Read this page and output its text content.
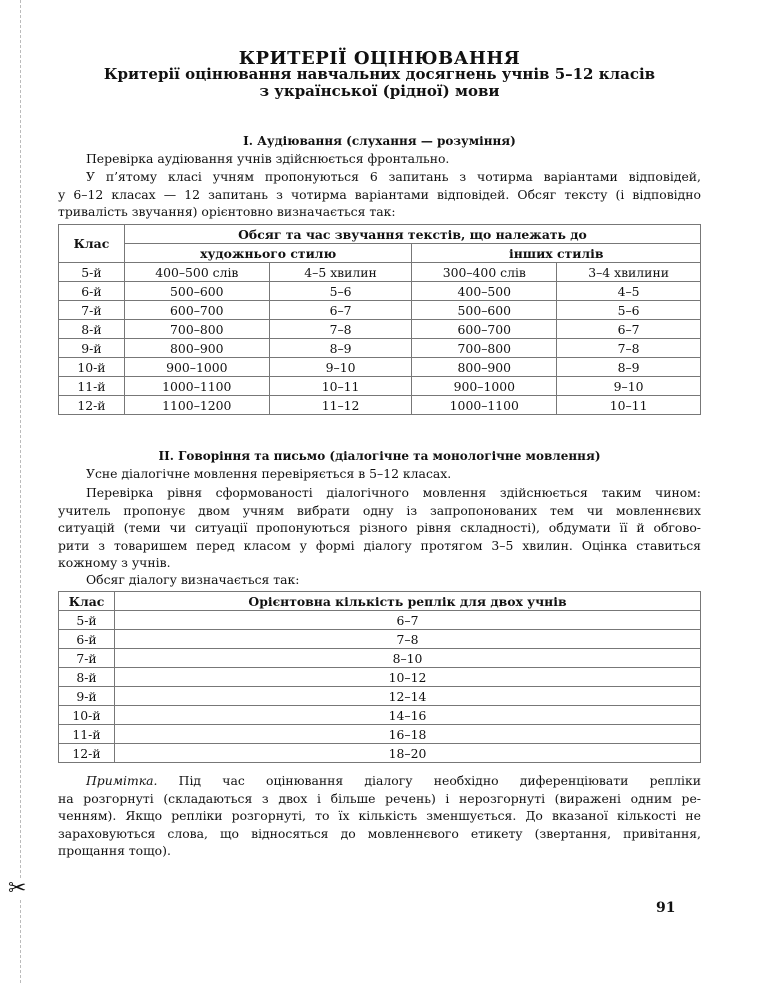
✂
КРИТЕРІЇ ОЦІНЮВАННЯ
Критерії оцінювання навчальних досягнень учнів 5–12 класів
з української (рідної) мови
І. Аудіювання (слухання — розуміння)

Перевірка аудіювання учнів здійснюється фронтально.

У п’ятому класі учням пропонуються 6 запитань з чотирма варіантами відповідей,
у 6–12 класах — 12 запитань з чотирма варіантами відповідей. Обсяг тексту (і відповідно
тривалість звучання) орієнтовно визначається так:

Клас	Обсяг та час звучання текстів, що належать до			
	художнього стилю		інших стилів	
5-й	400–500 слів	4–5 хвилин	300–400 слів	3–4 хвилини
6-й	500–600	5–6	400–500	4–5
7-й	600–700	6–7	500–600	5–6
8-й	700–800	7–8	600–700	6–7
9-й	800–900	8–9	700–800	7–8
10-й	900–1000	9–10	800–900	8–9
11-й	1000–1100	10–11	900–1000	9–10
12-й	1100–1200	11–12	1000–1100	10–11
ІІ. Говоріння та письмо (діалогічне та монологічне мовлення)

Усне діалогічне мовлення перевіряється в 5–12 класах.

Перевірка рівня сформованості діалогічного мовлення здійснюється таким чином:
учитель пропонує двом учням вибрати одну із запропонованих тем чи мовленнєвих
ситуацій (теми чи ситуації пропонуються різного рівня складності), обдумати її й обгово-
рити з товаришем перед класом у формі діалогу протягом 3–5 хвилин. Оцінка ставиться
кожному з учнів.

Обсяг діалогу визначається так:

Клас	Орієнтовна кількість реплік для двох учнів
5-й	6–7
6-й	7–8
7-й	8–10
8-й	10–12
9-й	12–14
10-й	14–16
11-й	16–18
12-й	18–20

Примітка. Під час оцінювання діалогу необхідно диференціювати репліки
на розгорнуті (складаються з двох і більше речень) і нерозгорнуті (виражені одним ре-
ченням). Якщо репліки розгорнуті, то їх кількість зменшується. До вказаної кількості не
зараховуються слова, що відносяться до мовленнєвого етикету (звертання, привітання,
прощання тощо).

91
